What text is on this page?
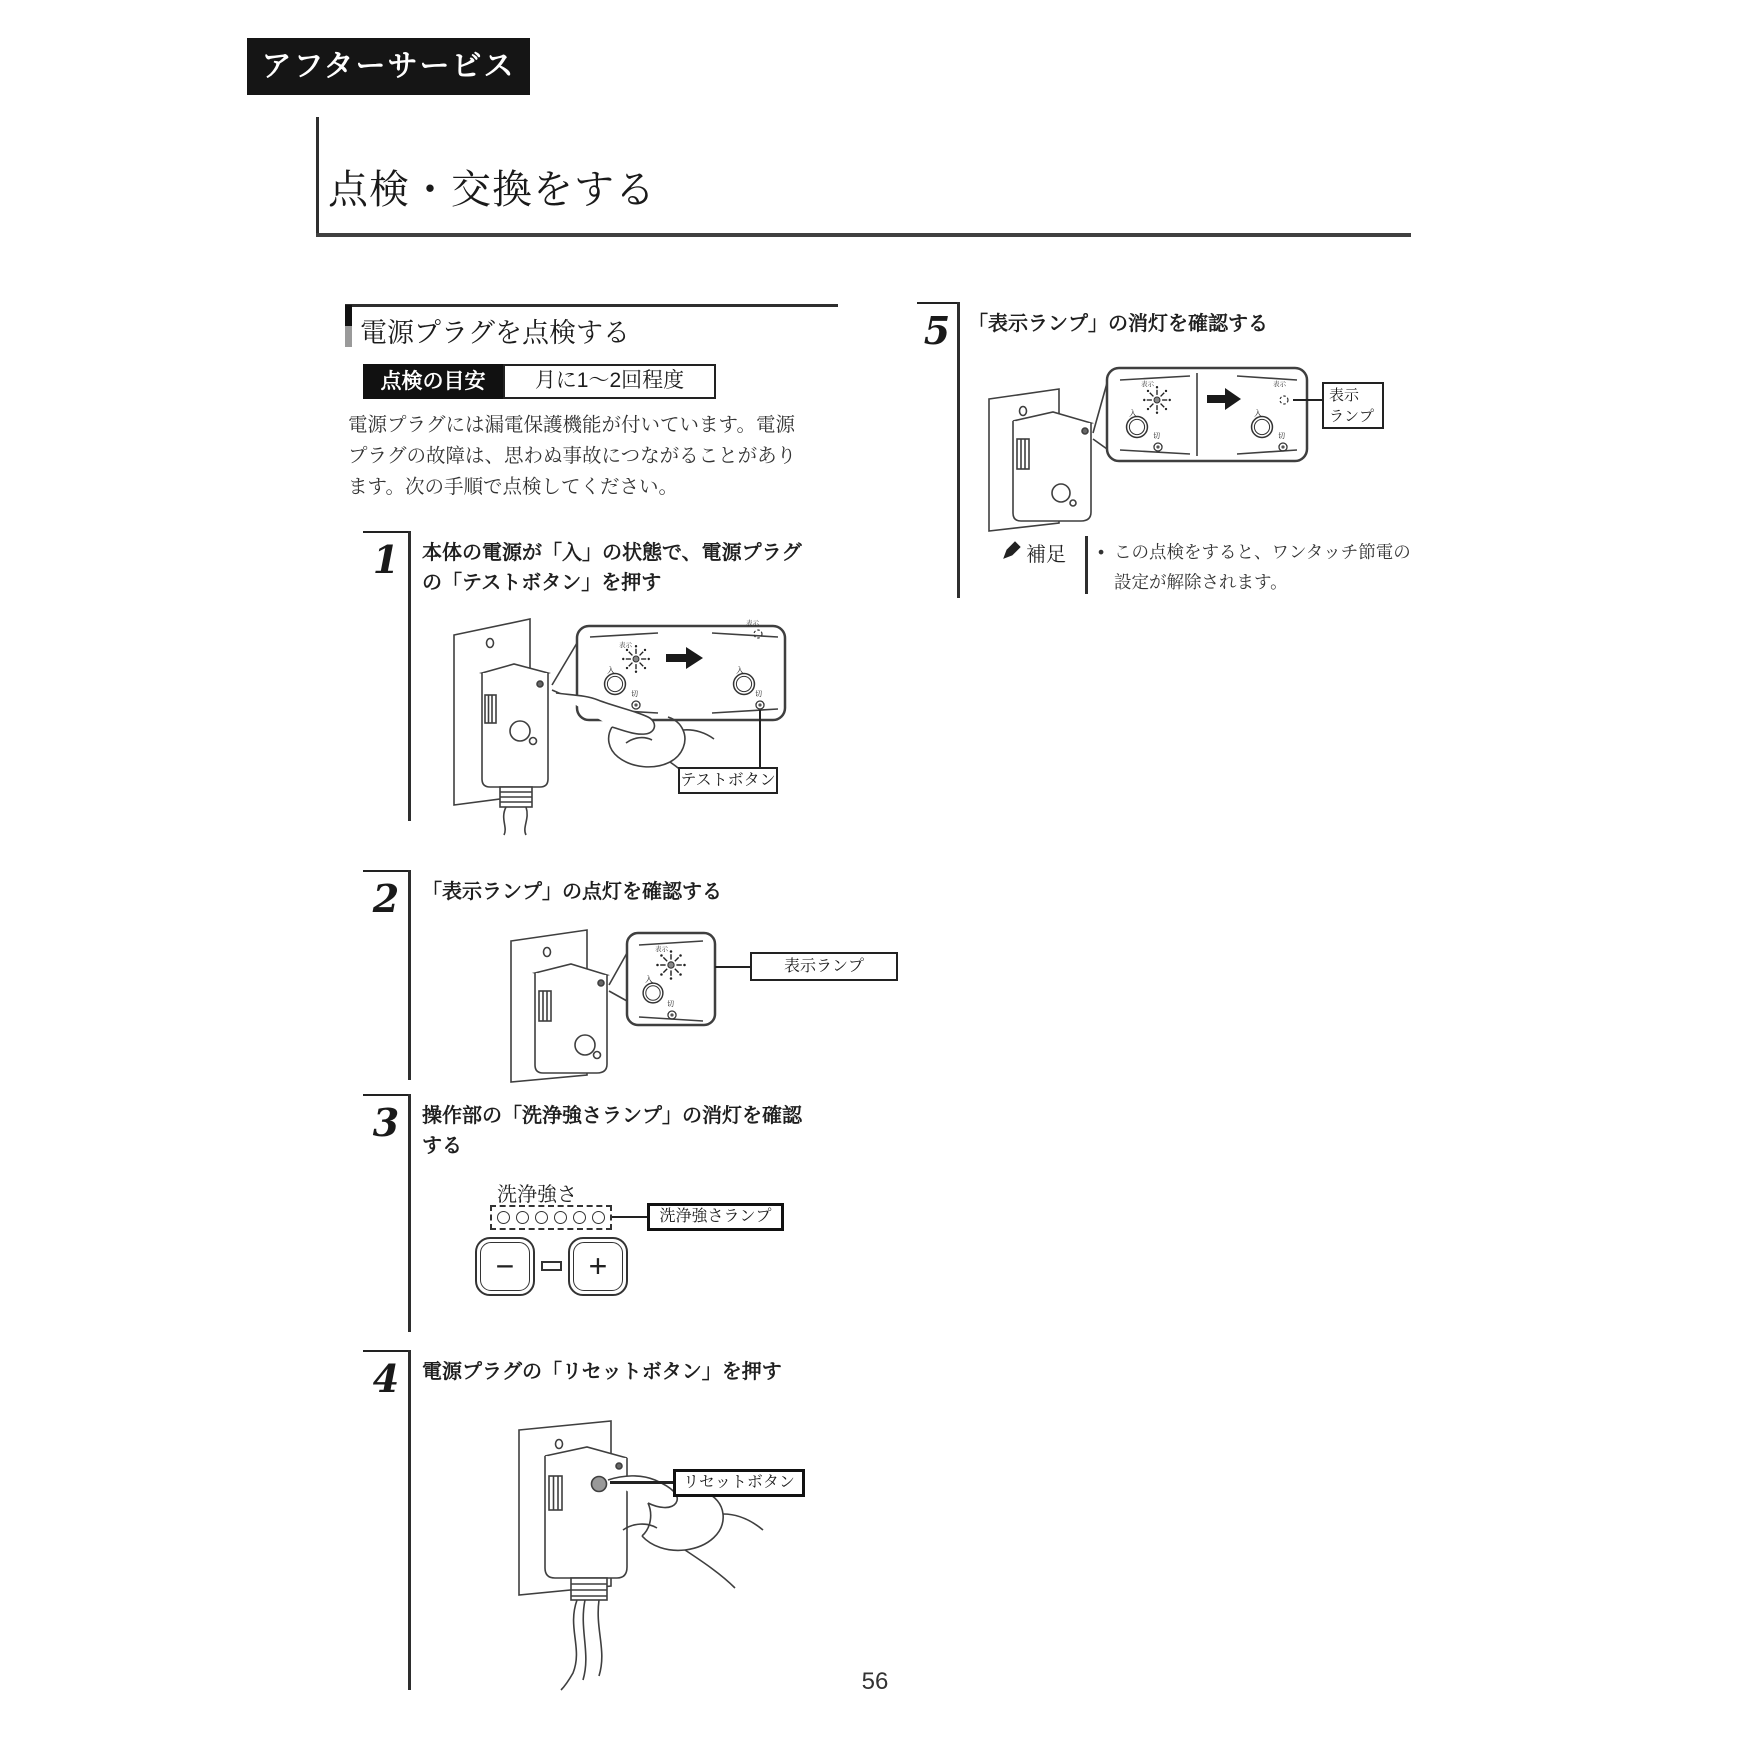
アフターサービス
点検・交換をする
電源プラグを点検する
点検の目安	月に1～2回程度
電源プラグには漏電保護機能が付いています。電源プラグの故障は、思わぬ事故につながることがあります。次の手順で点検してください。
1	本体の電源が「入」の状態で、電源プラグの「テストボタン」を押す
表示
入
切
表示
入
切
テストボタン
2	「表示ランプ」の点灯を確認する
表示
入
切
表示ランプ
3	操作部の「洗浄強さランプ」の消灯を確認する
洗浄強さ
洗浄強さランプ
−	+
4	電源プラグの「リセットボタン」を押す
リセットボタン
5 「表示ランプ」の消灯を確認する
表示
入
切
入
表示
切
表示
ランプ
補足 • この点検をすると、ワンタッチ節電の設定が解除されます。
56
